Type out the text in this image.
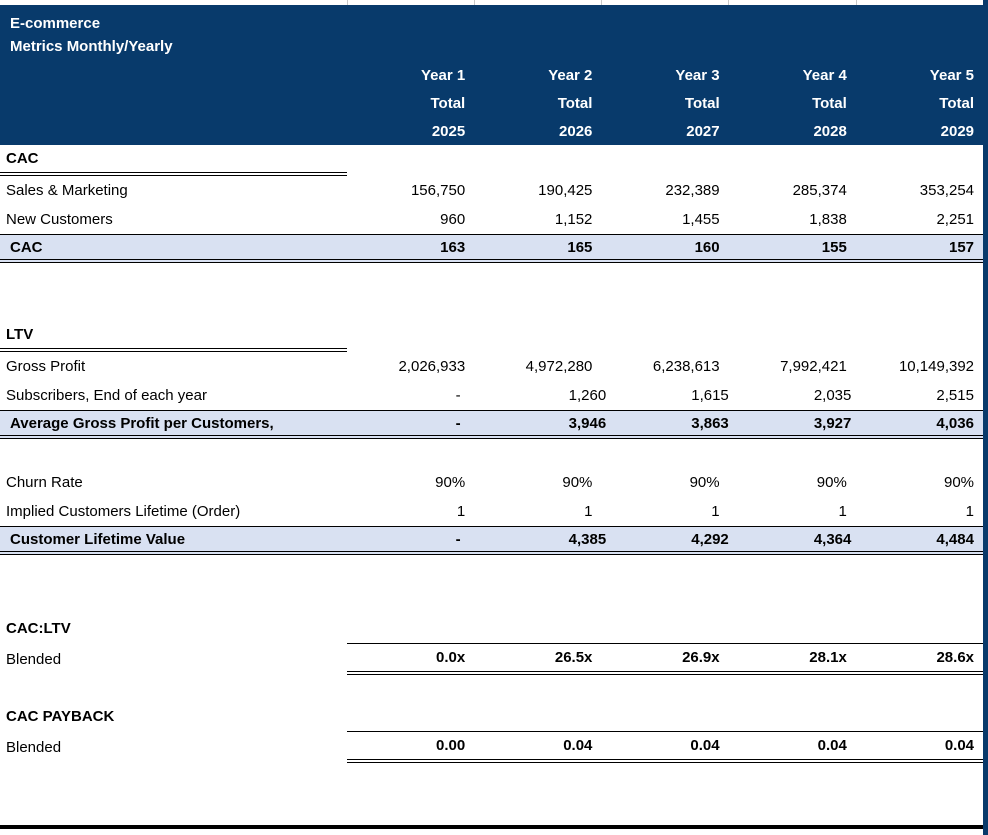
E-commerce
Metrics Monthly/Yearly
Year 1	Year 2	Year 3	Year 4	Year 5
Total	Total	Total	Total	Total
2025	2026	2027	2028	2029
CAC
Sales & Marketing	156,750	190,425	232,389	285,374	353,254
New Customers	960	1,152	1,455	1,838	2,251
CAC	163	165	160	155	157
LTV
Gross Profit	2,026,933	4,972,280	6,238,613	7,992,421	10,149,392
Subscribers, End of each year	-	1,260	1,615	2,035	2,515
Average Gross Profit per Customers,	-	3,946	3,863	3,927	4,036
Churn Rate	90%	90%	90%	90%	90%
Implied Customers Lifetime (Order)	1	1	1	1	1
Customer Lifetime Value	-	4,385	4,292	4,364	4,484
CAC:LTV
Blended	0.0x	26.5x	26.9x	28.1x	28.6x
CAC PAYBACK
Blended	0.00	0.04	0.04	0.04	0.04
